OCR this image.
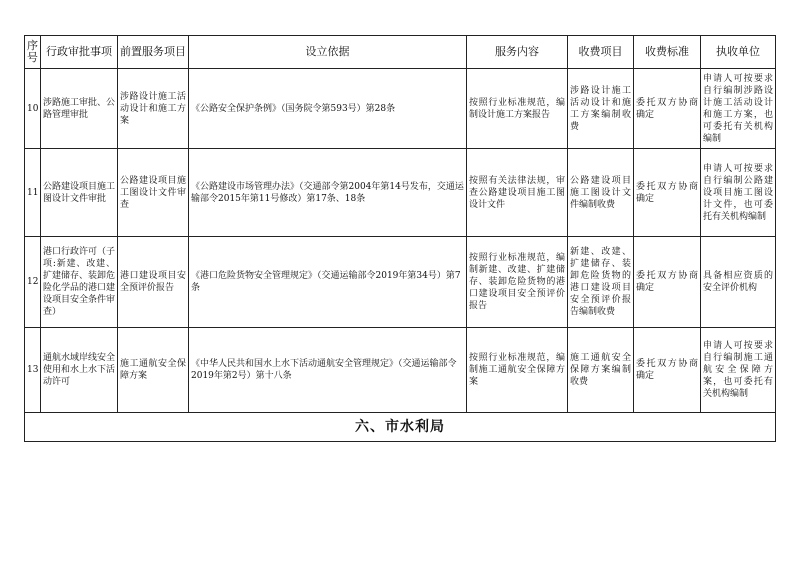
序号	行政审批事项	前置服务项目	设立依据	服务内容	收费项目	收费标准	执收单位
10	涉路施工审批、公路管理审批	涉路设计施工活动设计和施工方案	《公路安全保护条例》（国务院令第593号）第28条	按照行业标准规范，编制设计施工方案报告	涉路设计施工活动设计和施工方案编制收费	委托双方协商确定	申请人可按要求自行编制涉路设计施工活动设计和施工方案，也可委托有关机构编制
11	公路建设项目施工图设计文件审批	公路建设项目施工图设计文件审查	《公路建设市场管理办法》（交通部令第2004年第14号发布，交通运输部令2015年第11号修改）第17条、18条	按照有关法律法规，审查公路建设项目施工图设计文件	公路建设项目施工图设计文件编制收费	委托双方协商确定	申请人可按要求自行编制公路建设项目施工图设计文件，也可委托有关机构编制
12	港口行政许可（子项:新建、改建、扩建储存、装卸危险化学品的港口建设项目安全条件审查）	港口建设项目安全预评价报告	《港口危险货物安全管理规定》（交通运输部令2019年第34号）第7条	按照行业标准规范，编制新建、改建、扩建储存、装卸危险货物的港口建设项目安全预评价报告	新建、改建、扩建储存、装卸危险货物的港口建设项目安全预评价报告编制收费	委托双方协商确定	具备相应资质的安全评价机构
13	通航水域岸线安全使用和水上水下活动许可	施工通航安全保障方案	《中华人民共和国水上水下活动通航安全管理规定》（交通运输部令2019年第2号）第十八条	按照行业标准规范，编制施工通航安全保障方案	施工通航安全保障方案编制收费	委托双方协商确定	申请人可按要求自行编制施工通航安全保障方案，也可委托有关机构编制
六、市水利局							
